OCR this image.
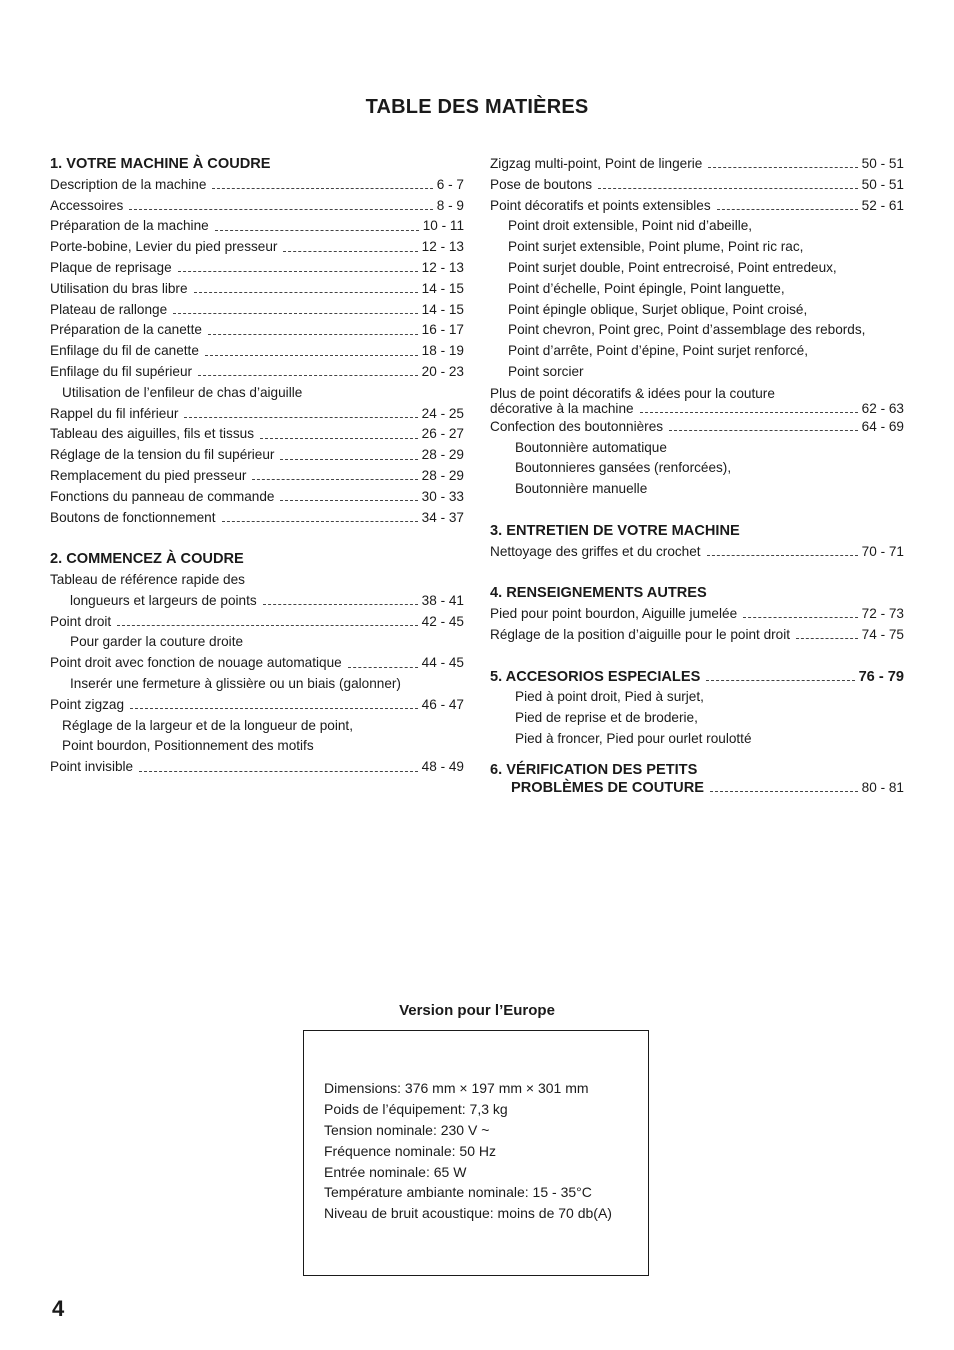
TABLE DES MATIÈRES
1. VOTRE MACHINE À COUDRE
Description de la machine	6 - 7
Accessoires	8 - 9
Préparation de la machine	10 - 11
Porte-bobine, Levier du pied presseur	12 - 13
Plaque de reprisage	12 - 13
Utilisation du bras libre	14 - 15
Plateau de rallonge	14 - 15
Préparation de la canette	16 - 17
Enfilage du fil de canette	18 - 19
Enfilage du fil supérieur	20 - 23
Utilisation de l’enfileur de chas d’aiguille
Rappel du fil inférieur	24 - 25
Tableau des aiguilles, fils et tissus	26 - 27
Réglage de la tension du fil supérieur	28 - 29
Remplacement du pied presseur	28 - 29
Fonctions du panneau de commande	30 - 33
Boutons de fonctionnement	34 - 37
2. COMMENCEZ À COUDRE
Tableau de référence rapide des
longueurs et largeurs de points	38 - 41
Point droit	42 - 45
Pour garder la couture droite
Point droit avec fonction de nouage automatique	44 - 45
Inserér une fermeture à glissière ou un biais (galonner)
Point zigzag	46 - 47
Réglage de la largeur et de la longueur de point,
Point bourdon, Positionnement des motifs
Point invisible	48 - 49
Zigzag multi-point, Point de lingerie	50 - 51
Pose de boutons	50 - 51
Point décoratifs et points extensibles	52 - 61
Point droit extensible, Point nid d’abeille,
Point surjet extensible, Point plume, Point ric rac,
Point surjet double, Point entrecroisé, Point entredeux,
Point d’échelle, Point épingle, Point languette,
Point épingle oblique, Surjet oblique, Point croisé,
Point chevron, Point grec, Point d’assemblage des rebords,
Point d’arrête, Point d’épine, Point surjet renforcé,
Point sorcier
Plus de point décoratifs & idées pour la couture
décorative à la machine	62 - 63
Confection des boutonnières	64 - 69
Boutonnière automatique
Boutonnieres gansées (renforcées),
Boutonnière manuelle
3. ENTRETIEN DE VOTRE MACHINE
Nettoyage des griffes et du crochet	70 - 71
4. RENSEIGNEMENTS AUTRES
Pied pour point bourdon, Aiguille jumelée	72 - 73
Réglage de la position d’aiguille pour le point droit	74 - 75
5. ACCESORIOS ESPECIALES	76 - 79
Pied à point droit, Pied à surjet,
Pied de reprise et de broderie,
Pied à froncer, Pied pour ourlet roulotté
6. VÉRIFICATION DES PETITS
PROBLÈMES DE COUTURE	80 - 81
Version pour l’Europe
Dimensions: 376 mm × 197 mm × 301 mm
Poids de l’équipement: 7,3 kg
Tension nominale: 230 V ~
Fréquence nominale: 50 Hz
Entrée nominale: 65 W
Température ambiante nominale: 15 - 35°C
Niveau de bruit acoustique: moins de 70 db(A)
4
